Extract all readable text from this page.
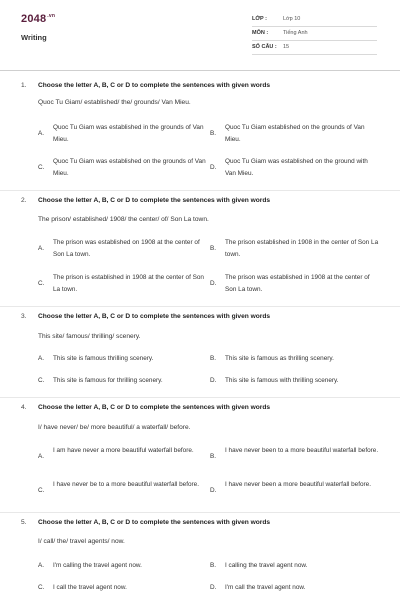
$2048^{.vn}$
Writing
LỚP :	Lớp 10
MÔN :	Tiếng Anh
SỐ CÂU : 15
1. Choose the letter A, B, C or D to complete the sentences with given words
Quoc Tu Giam/ established/ the/ grounds/ Van Mieu.
A.
Quoc Tu Giam was established in the grounds of Van Mieu.
B.
Quoc Tu Giam established on the grounds of Van Mieu.
C.
Quoc Tu Giam was established on the grounds of Van Mieu.
D.
Quoc Tu Giam was established on the ground with Van Mieu.
2. Choose the letter A, B, C or D to complete the sentences with given words
The prison/ established/ 1908/ the center/ of/ Son La town.
A.
The prison was established on 1908 at the center of Son La town.
B.
The prison established in 1908 in the center of Son La town.
C.
The prison is established in 1908 at the center of Son La town.
D.
The prison was established in 1908 at the center of Son La town.
3. Choose the letter A, B, C or D to complete the sentences with given words
This site/ famous/ thrilling/ scenery.
A. This site is famous thrilling scenery.	B. This site is famous as thrilling scenery.
C. This site is famous for thrilling scenery.	D. This site is famous with thrilling scenery.
4. Choose the letter A, B, C or D to complete the sentences with given words
I/ have never/ be/ more beautiful/ a waterfall/ before.
A.
I am have never a more beautiful waterfall before.
B.
I have never been to a more beautiful waterfall before.
C.
I have never be to a more beautiful waterfall before.
D.
I have never been a more beautiful waterfall before.
5. Choose the letter A, B, C or D to complete the sentences with given words
I/ call/ the/ travel agents/ now.
A. I'm calling the travel agent now.	B. I calling the travel agent now.
C. I call the travel agent now.	D. I'm call the travel agent now.
